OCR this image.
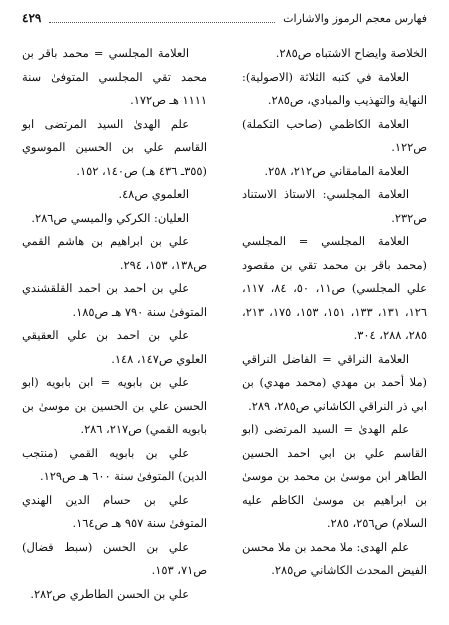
فهارس معجم الرموز والاشارات
٤٢٩

الخلاصة وايضاح الاشتباه ص٢٨٥.

العلامة في كتبه الثلاثة (الاصولية): النهاية والتهذيب والمبادي، ص٢٨٥.

العلامة الكاظمي (صاحب التكملة) ص١٢٢.

العلامة المامقاني ص٢١٢، ٢٥٨.

العلامة المجلسي: الاستاذ الاستناد ص٢٣٢.

العلامة المجلسي = المجلسي (محمد باقر بن محمد تقي بن مقصود علي المجلسي) ص١١، ٥٠، ٨٤، ١١٧، ١٢٦، ١٣١، ١٣٣، ١٥١، ١٥٣، ١٧٥، ٢١٣، ٢٨٥، ٢٨٨، ٣٠٤.

العلامة النراقي = الفاضل النراقي (ملا أحمد بن مهدي (محمد مهدي) بن ابي ذر النراقي الكاشاني ص٢٨٥، ٢٨٩.

علم الهدىٰ = السيد المرتضى (ابو القاسم علي بن ابي احمد الحسين الطاهر ابن موسىٰ بن محمد بن موسىٰ بن ابراهيم بن موسىٰ الكاظم عليه السلام) ص٢٥٦، ٢٨٥.

علم الهدى: ملا محمد بن ملا محسن الفيض المحدث الكاشاني ص٢٨٥.

العلامة المجلسي = محمد باقر بن محمد تقي المجلسي المتوفىٰ سنة ١١١١ هـ ص١٧٢.

علم الهدىٰ السيد المرتضى ابو القاسم علي بن الحسين الموسوي (٣٥٥ـ ٤٣٦ هـ) ص١٤٠، ١٥٢.

العلموي ص٤٨.

العليان: الكركي والميسي ص٢٨٦.

علي بن ابراهيم بن هاشم القمي ص١٣٨، ١٥٣، ٢٩٤.

علي بن احمد بن احمد القلقشندي المتوفىٰ سنة ٧٩٠ هـ ص١٨٥.

علي بن احمد بن علي العقيقي العلوي ص١٤٧، ١٤٨.

علي بن بابويه = ابن بابويه (ابو الحسن علي بن الحسين بن موسىٰ بن بابويه القمي) ص٢١٧، ٢٨٦.

علي بن بابويه القمي (منتجب الدين) المتوفىٰ سنة ٦٠٠ هـ ص١٢٩.

علي بن حسام الدين الهندي المتوفىٰ سنة ٩٥٧ هـ ص١٦٤.

علي بن الحسن (سبط فضال) ص٧١، ١٥٣.

علي بن الحسن الطاطري ص٢٨٢.
